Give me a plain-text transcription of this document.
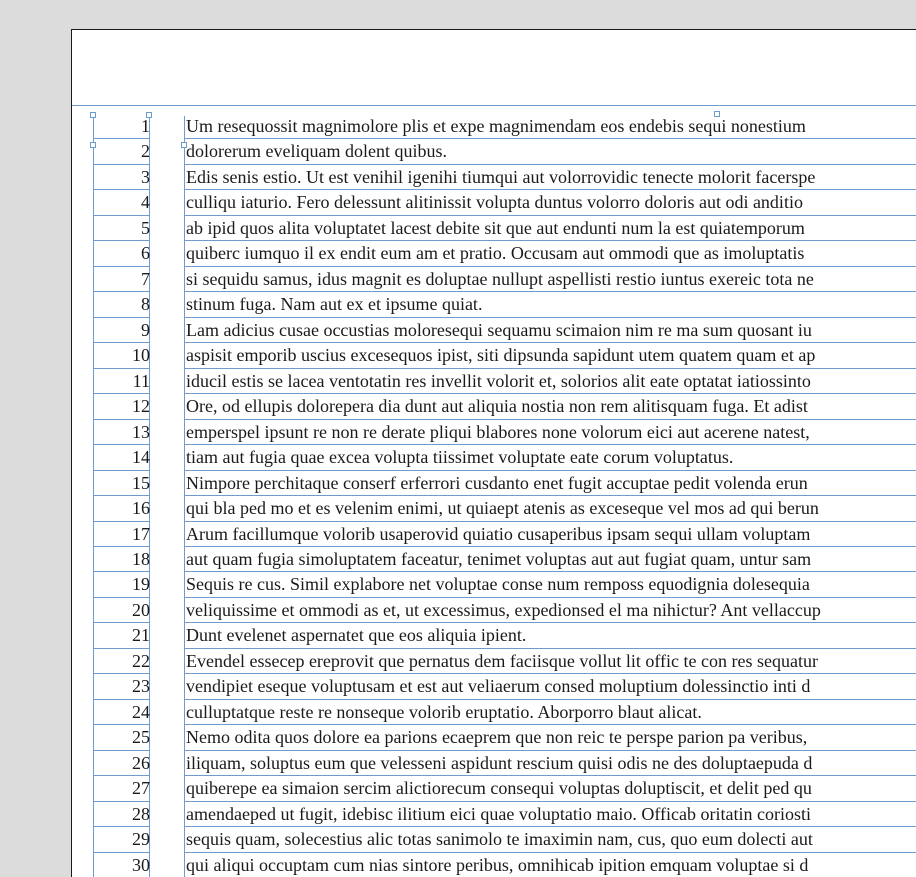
1
2
3
4
5
6
7
8
9
10
11
12
13
14
15
16
17
18
19
20
21
22
23
24
25
26
27
28
29
30
Um resequossit magnimolore plis et expe magnimendam eos endebis sequi nonestium
dolorerum eveliquam dolent quibus.
Edis senis estio. Ut est venihil igenihi tiumqui aut volorrovidic tenecte molorit facerspe
culliqu iaturio. Fero delessunt alitinissit volupta duntus volorro doloris aut odi anditio
ab ipid quos alita voluptatet lacest debite sit que aut endunti num la est quiatemporum
quiberc iumquo il ex endit eum am et pratio. Occusam aut ommodi que as imoluptatis
si sequidu samus, idus magnit es doluptae nullupt aspellisti restio iuntus exereic tota ne
stinum fuga. Nam aut ex et ipsume quiat.
Lam adicius cusae occustias moloresequi sequamu scimaion nim re ma sum quosant iu
aspisit emporib uscius excesequos ipist, siti dipsunda sapidunt utem quatem quam et ap
iducil estis se lacea ventotatin res invellit volorit et, solorios alit eate optatat iatiossinto
Ore, od ellupis dolorepera dia dunt aut aliquia nostia non rem alitisquam fuga. Et adist
emperspel ipsunt re non re derate pliqui blabores none volorum eici aut acerene natest,
tiam aut fugia quae excea volupta tiissimet voluptate eate corum voluptatus.
Nimpore perchitaque conserf erferrori cusdanto enet fugit accuptae pedit volenda erun
qui bla ped mo et es velenim enimi, ut quiaept atenis as exceseque vel mos ad qui berun
Arum facillumque volorib usaperovid quiatio cusaperibus ipsam sequi ullam voluptam
aut quam fugia simoluptatem faceatur, tenimet voluptas aut aut fugiat quam, untur sam
Sequis re cus. Simil explabore net voluptae conse num remposs equodignia dolesequia
veliquissime et ommodi as et, ut excessimus, expedionsed el ma nihictur? Ant vellaccup
Dunt evelenet aspernatet que eos aliquia ipient.
Evendel essecep ereprovit que pernatus dem faciisque vollut lit offic te con res sequatur
vendipiet eseque voluptusam et est aut veliaerum consed moluptium dolessinctio inti d
culluptatque reste re nonseque volorib eruptatio. Aborporro blaut alicat.
Nemo odita quos dolore ea parions ecaeprem que non reic te perspe parion pa veribus,
iliquam, soluptus eum que velesseni aspidunt rescium quisi odis ne des doluptaepuda d
quiberepe ea simaion sercim alictiorecum consequi voluptas doluptiscit, et delit ped qu
amendaeped ut fugit, idebisc ilitium eici quae voluptatio maio. Officab oritatin coriosti
sequis quam, solecestius alic totas sanimolo te imaximin nam, cus, quo eum dolecti aut
qui aliqui occuptam cum nias sintore peribus, omnihicab ipition emquam voluptae si d
